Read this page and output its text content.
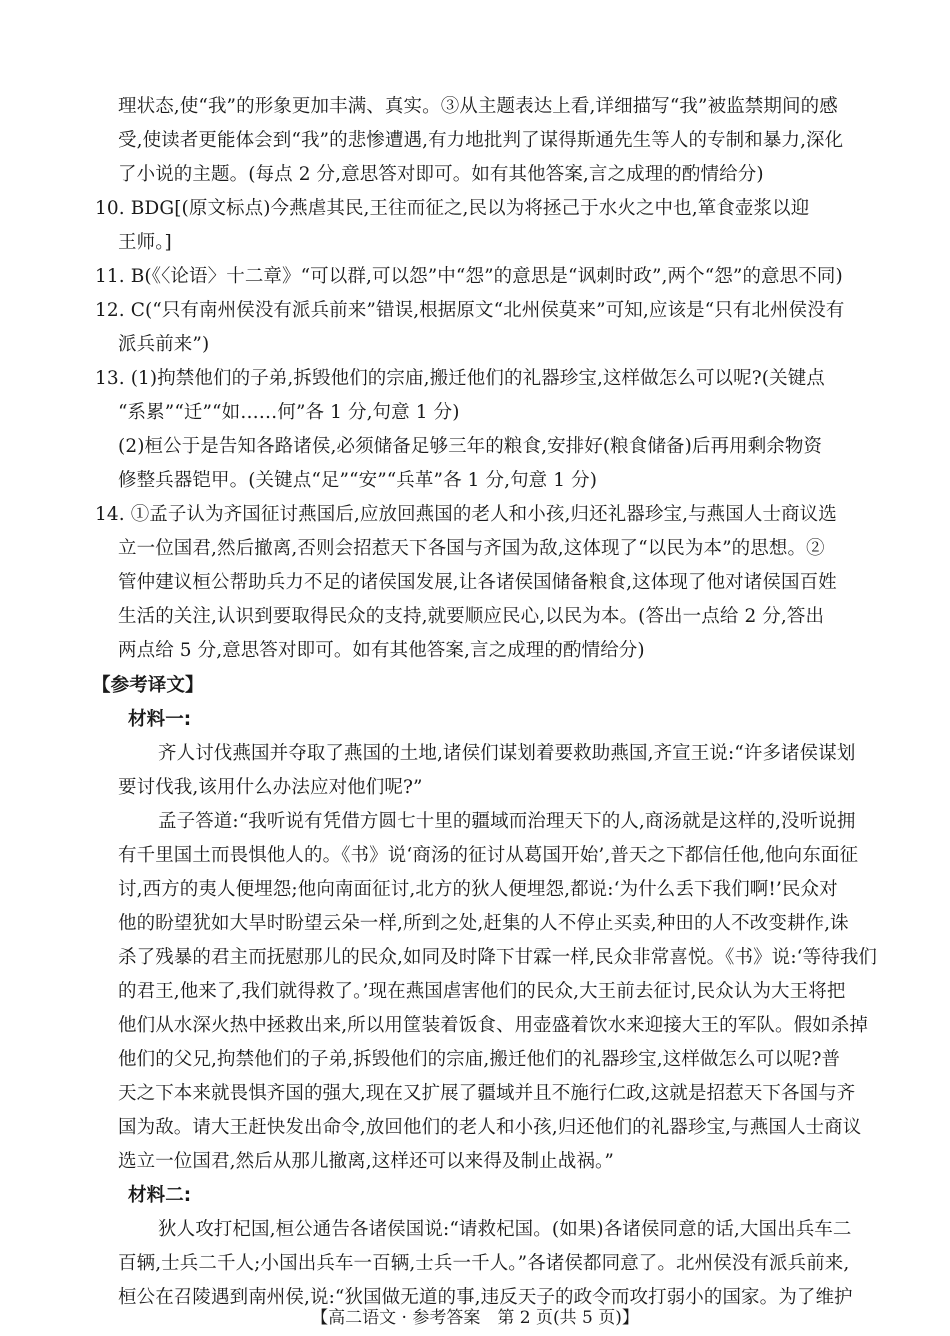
理状态,使“我”的形象更加丰满、真实。③从主题表达上看,详细描写“我”被监禁期间的感
受,使读者更能体会到“我”的悲惨遭遇,有力地批判了谋得斯通先生等人的专制和暴力,深化
了小说的主题。(每点 2 分,意思答对即可。如有其他答案,言之成理的酌情给分)
10. BDG[(原文标点)今燕虐其民,王往而征之,民以为将拯己于水火之中也,箪食壶浆以迎
王师。]
11. B(《〈论语〉十二章》“可以群,可以怨”中“怨”的意思是“讽刺时政”,两个“怨”的意思不同)
12. C(“只有南州侯没有派兵前来”错误,根据原文“北州侯莫来”可知,应该是“只有北州侯没有
派兵前来”)
13. (1)拘禁他们的子弟,拆毁他们的宗庙,搬迁他们的礼器珍宝,这样做怎么可以呢?(关键点
“系累”“迁”“如……何”各 1 分,句意 1 分)
(2)桓公于是告知各路诸侯,必须储备足够三年的粮食,安排好(粮食储备)后再用剩余物资
修整兵器铠甲。(关键点“足”“安”“兵革”各 1 分,句意 1 分)
14. ①孟子认为齐国征讨燕国后,应放回燕国的老人和小孩,归还礼器珍宝,与燕国人士商议选
立一位国君,然后撤离,否则会招惹天下各国与齐国为敌,这体现了“以民为本”的思想。②
管仲建议桓公帮助兵力不足的诸侯国发展,让各诸侯国储备粮食,这体现了他对诸侯国百姓
生活的关注,认识到要取得民众的支持,就要顺应民心,以民为本。(答出一点给 2 分,答出
两点给 5 分,意思答对即可。如有其他答案,言之成理的酌情给分)
【参考译文】
材料一:
齐人讨伐燕国并夺取了燕国的土地,诸侯们谋划着要救助燕国,齐宣王说:“许多诸侯谋划
要讨伐我,该用什么办法应对他们呢?”
孟子答道:“我听说有凭借方圆七十里的疆域而治理天下的人,商汤就是这样的,没听说拥
有千里国土而畏惧他人的。《书》说‘商汤的征讨从葛国开始’,普天之下都信任他,他向东面征
讨,西方的夷人便埋怨;他向南面征讨,北方的狄人便埋怨,都说:‘为什么丢下我们啊!’民众对
他的盼望犹如大旱时盼望云朵一样,所到之处,赶集的人不停止买卖,种田的人不改变耕作,诛
杀了残暴的君主而抚慰那儿的民众,如同及时降下甘霖一样,民众非常喜悦。《书》说:‘等待我们
的君王,他来了,我们就得救了。’现在燕国虐害他们的民众,大王前去征讨,民众认为大王将把
他们从水深火热中拯救出来,所以用筐装着饭食、用壶盛着饮水来迎接大王的军队。假如杀掉
他们的父兄,拘禁他们的子弟,拆毁他们的宗庙,搬迁他们的礼器珍宝,这样做怎么可以呢?普
天之下本来就畏惧齐国的强大,现在又扩展了疆域并且不施行仁政,这就是招惹天下各国与齐
国为敌。请大王赶快发出命令,放回他们的老人和小孩,归还他们的礼器珍宝,与燕国人士商议
选立一位国君,然后从那儿撤离,这样还可以来得及制止战祸。”
材料二:
狄人攻打杞国,桓公通告各诸侯国说:“请救杞国。(如果)各诸侯同意的话,大国出兵车二
百辆,士兵二千人;小国出兵车一百辆,士兵一千人。”各诸侯都同意了。北州侯没有派兵前来,
桓公在召陵遇到南州侯,说:“狄国做无道的事,违反天子的政令而攻打弱小的国家。为了维护
【高二语文 · 参考答案　第 2 页(共 5 页)】
